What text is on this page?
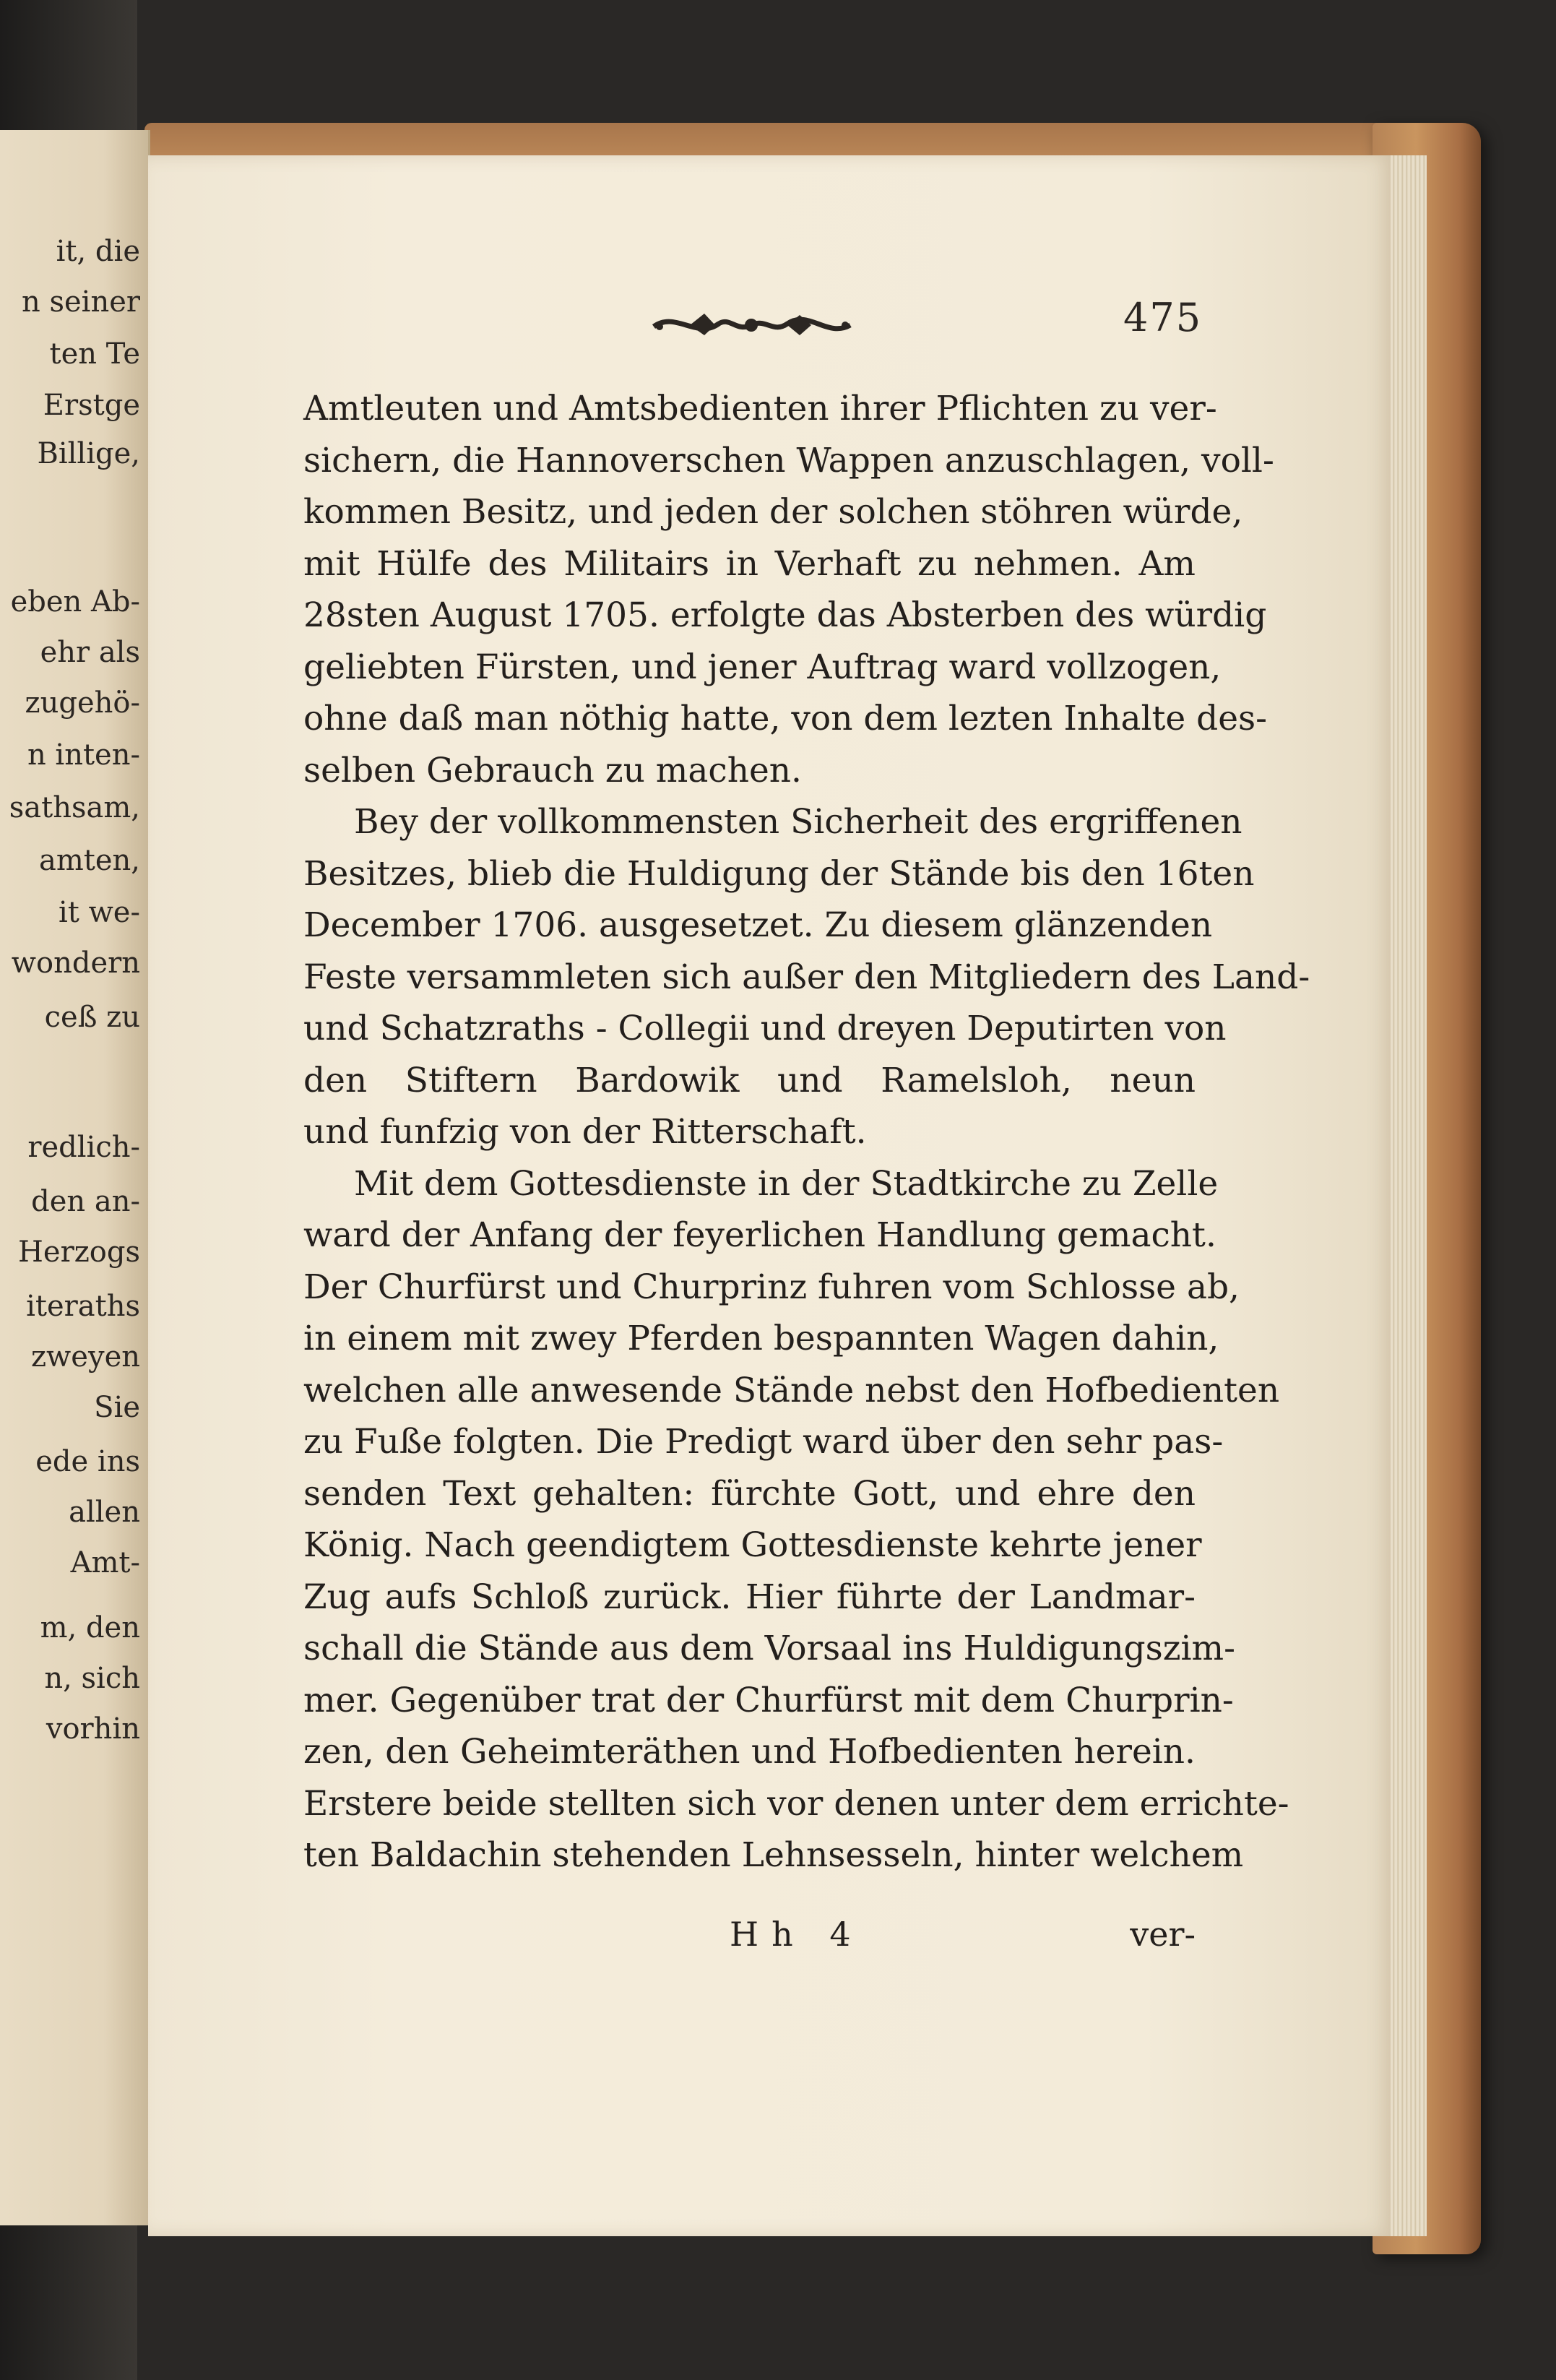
it, die
n seiner
ten Te
Erstge
Billige,
eben Ab-
ehr als
zugehö-
n inten-
sathsam,
amten,
it we-
wondern
ceß zu
redlich-
den an-
Herzogs
iteraths
zweyen
Sie
ede ins
allen
Amt-
m, den
n, sich
vorhin
475
Amtleuten und Amtsbedienten ihrer Pflichten zu ver-
sichern, die Hannoverschen Wappen anzuschlagen, voll-
kommen Besitz, und jeden der solchen stöhren würde,
mit Hülfe des Militairs in Verhaft zu nehmen. Am
28sten August 1705. erfolgte das Absterben des würdig
geliebten Fürsten, und jener Auftrag ward vollzogen,
ohne daß man nöthig hatte, von dem lezten Inhalte des-
selben Gebrauch zu machen.
Bey der vollkommensten Sicherheit des ergriffenen
Besitzes, blieb die Huldigung der Stände bis den 16ten
December 1706. ausgesetzet. Zu diesem glänzenden
Feste versammleten sich außer den Mitgliedern des Land-
und Schatzraths - Collegii und dreyen Deputirten von
den Stiftern Bardowik und Ramelsloh, neun
und funfzig von der Ritterschaft.
Mit dem Gottesdienste in der Stadtkirche zu Zelle
ward der Anfang der feyerlichen Handlung gemacht.
Der Churfürst und Churprinz fuhren vom Schlosse ab,
in einem mit zwey Pferden bespannten Wagen dahin,
welchen alle anwesende Stände nebst den Hofbedienten
zu Fuße folgten. Die Predigt ward über den sehr pas-
senden Text gehalten: fürchte Gott, und ehre den
König. Nach geendigtem Gottesdienste kehrte jener
Zug aufs Schloß zurück. Hier führte der Landmar-
schall die Stände aus dem Vorsaal ins Huldigungszim-
mer. Gegenüber trat der Churfürst mit dem Churprin-
zen, den Geheimteräthen und Hofbedienten herein.
Erstere beide stellten sich vor denen unter dem errichte-
ten Baldachin stehenden Lehnsesseln, hinter welchem
Hh 4	ver-
